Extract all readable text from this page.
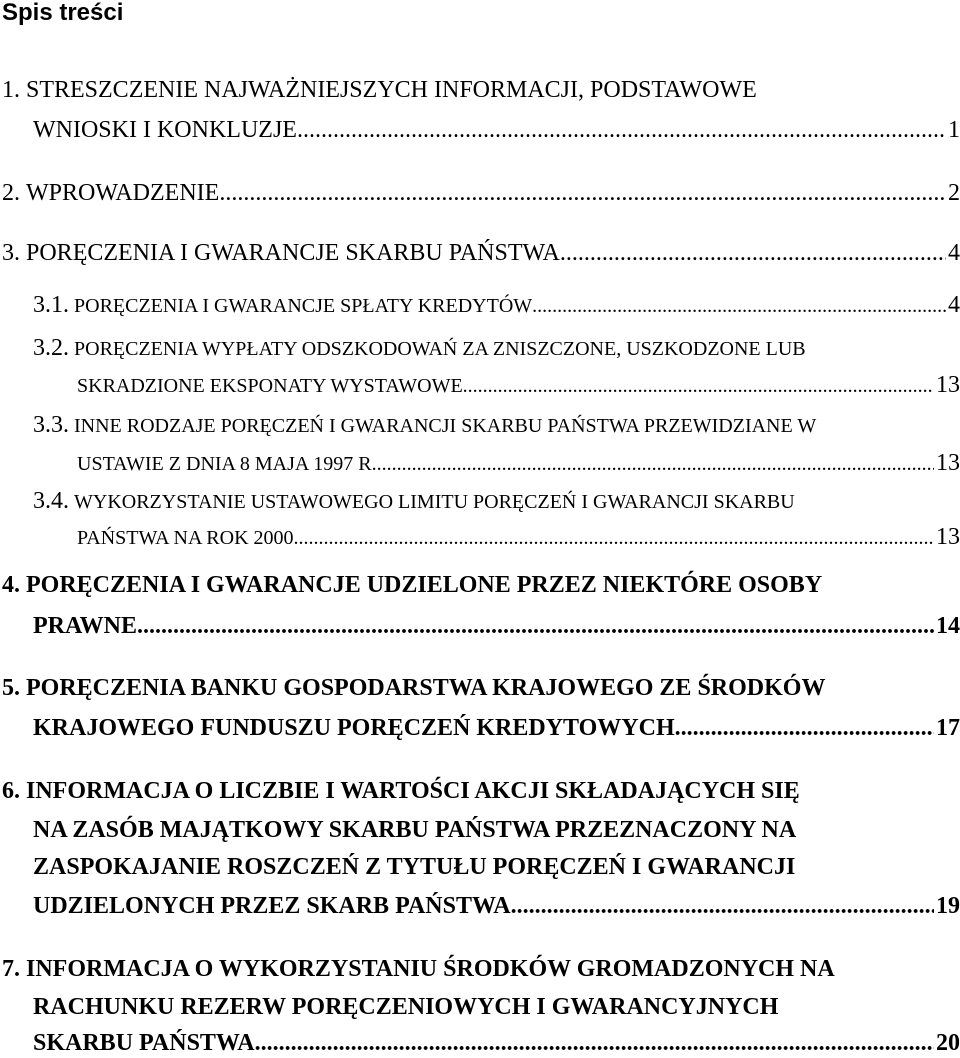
Spis treści
1.
STRESZCZENIE NAJWAŻNIEJSZYCH INFORMACJI, PODSTAWOWE
WNIOSKI I KONKLUZJE .....	1
2.
WPROWADZENIE .....	2
3.
PORĘCZENIA I GWARANCJE SKARBU PAŃSTWA .....	4
3.1.
PORĘCZENIA I GWARANCJE SPŁATY KREDYTÓW .....	4
3.2.
PORĘCZENIA WYPŁATY ODSZKODOWAŃ ZA ZNISZCZONE, USZKODZONE LUB
SKRADZIONE EKSPONATY WYSTAWOWE .....	13
3.3.
INNE RODZAJE PORĘCZEŃ I GWARANCJI SKARBU PAŃSTWA PRZEWIDZIANE W
USTAWIE Z DNIA 8 MAJA 1997 R. .....	13
3.4.
WYKORZYSTANIE USTAWOWEGO LIMITU PORĘCZEŃ I GWARANCJI SKARBU
PAŃSTWA NA ROK 2000 .....	13
4.
PORĘCZENIA I GWARANCJE UDZIELONE PRZEZ NIEKTÓRE OSOBY
PRAWNE .....	14
5.
PORĘCZENIA BANKU GOSPODARSTWA KRAJOWEGO ZE ŚRODKÓW
KRAJOWEGO FUNDUSZU PORĘCZEŃ KREDYTOWYCH .....	17
6.
INFORMACJA O LICZBIE I WARTOŚCI AKCJI SKŁADAJĄCYCH SIĘ
NA ZASÓB MAJĄTKOWY SKARBU PAŃSTWA PRZEZNACZONY NA
ZASPOKAJANIE ROSZCZEŃ Z TYTUŁU PORĘCZEŃ I GWARANCJI
UDZIELONYCH PRZEZ SKARB PAŃSTWA .....	19
7.
INFORMACJA O WYKORZYSTANIU ŚRODKÓW GROMADZONYCH NA
RACHUNKU REZERW PORĘCZENIOWYCH I GWARANCYJNYCH
SKARBU PAŃSTWA .....	20
